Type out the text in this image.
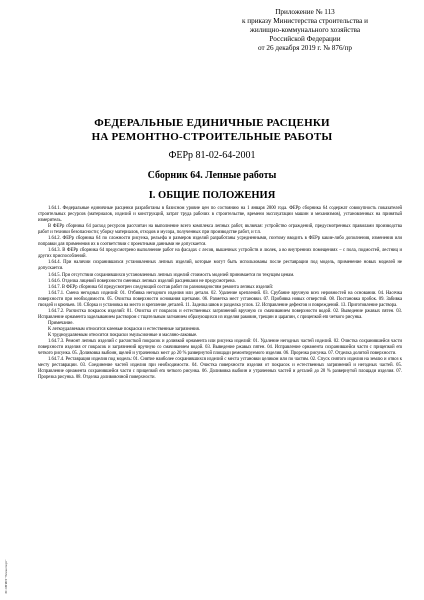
Приложение № 113
к приказу Министерства строительства и
жилищно-коммунального хозяйства
Российской Федерации
от 26 декабря 2019 г. № 876/пр
ФЕДЕРАЛЬНЫЕ ЕДИНИЧНЫЕ РАСЦЕНКИ
НА РЕМОНТНО-СТРОИТЕЛЬНЫЕ РАБОТЫ
ФЕРр 81-02-64-2001
Сборник 64. Лепные работы
I. ОБЩИЕ ПОЛОЖЕНИЯ

1.64.1. Федеральные единичные расценки разработаны в базисном уровне цен по состоянию на 1 января 2000 года. ФЕРр сборника 64 содержат совокупность показателей строительных ресурсов (материалов, изделий и конструкций, затрат труда рабочих в строительстве, времени эксплуатации машин и механизмов), установленных на принятый измеритель.

В ФЕРр сборника 64 расход ресурсов рассчитан на выполнение всего комплекса лепных работ, включая: устройство ограждений, предусмотренных правилами производства работ и техники безопасности; уборку материалов, отходов и мусора, полученных при производстве работ, и т.п.

1.64.2. ФЕРр сборника 64 по сложности рисунка, рельефа и размеров изделий разработаны усредненными, поэтому вводить в ФЕРр какие-либо дополнения, изменения или поправки для применения их в соответствии с проектными данными не допускается.

1.64.3. В ФЕРр сборника 64 предусмотрено выполнение работ на фасадах с лесов, вышечных устройств и люлек, а во внутренних помещениях – с пола, подмостей, лестниц и других приспособлений.

1.64.4. При наличии сохранившихся установленных лепных изделий, которые могут быть использованы после реставрации под модель, применение новых моделей не допускается.

1.64.5. При отсутствии сохранившихся установленных лепных изделий стоимость моделей принимается по текущим ценам.

1.64.6. Отделка лицевой поверхности сменных лепных изделий расценками не предусмотрена.

1.64.7. В ФЕРр сборника 64 предусмотрен следующий состав работ по разновидностям ремонта лепных изделий:

1.64.7.1. Смена негодных изделий: 01. Отбивка негодного изделия или детали. 02. Удаление креплений. 03. Срубание вручную всех неровностей на основании. 04. Насечка поверхности при необходимости. 05. Очистка поверхности основания щетками. 06. Разметка мест установки. 07. Пробивка новых отверстий. 08. Постановка пробок. 09. Забивка гвоздей и крючьев. 10. Сборка и установка на место и крепление деталей. 11. Заделка швов и разделка углов. 12. Исправление дефектов и повреждений. 13. Приготовление раствора.

1.64.7.2. Расчистка покрасок изделий: 01. Очистка от покрасок и естественных загрязнений вручную со смачиванием поверхности водой. 02. Выведение ржавых пятен. 03. Исправление орнамента заделыванием раствором с тщательным загнанием образующихся из изделия раковин, трещин и царапин, с прицепкой em четкого рисунка.

Примечание.

К легкоудаляемым относятся клеевые покраски и естественные загрязнения.

К трудноудаляемым относятся покраски эмульсионные и масляно-лаковые.

1.64.7.3. Ремонт лепных изделий с расчисткой покрасок и доливкой орнамента или рисунка изделий: 01. Удаление негодных частей изделий. 02. Очистка сохранившейся части поверхности изделия от покрасок и загрязнений вручную со смачиванием водой. 03. Выведение ржавых пятен. 04. Исправление орнамента сохранившейся части с прицепкой em четкого рисунка. 05. Доливовка выбоин, щелей и утраченных мест до 20 % развернутой площади ремонтируемого изделия. 06. Прорезка рисунка. 07. Отделка долитой поверхности.

1.64.7.4. Реставрация изделия под модель: 01. Снятие наиболее сохранившихся изделий с места установки целиком или по частям. 02. Спуск снятого изделия на землю и отвоз к месту реставрации. 03. Соединение частей изделия при необходимости. 04. Очистка поверхности изделия от покрасок и естественных загрязнений и негодных частей. 05. Исправление орнамента сохранившейся части с прицепкой em четкого рисунка. 06. Доливовка выбоин и утраченных частей и деталей до 20 % развернутой площади изделия. 07. Прорезка рисунка. 08. Отделка доливовочной поверхности.

ЭС ИТИП "Техэксперт"
